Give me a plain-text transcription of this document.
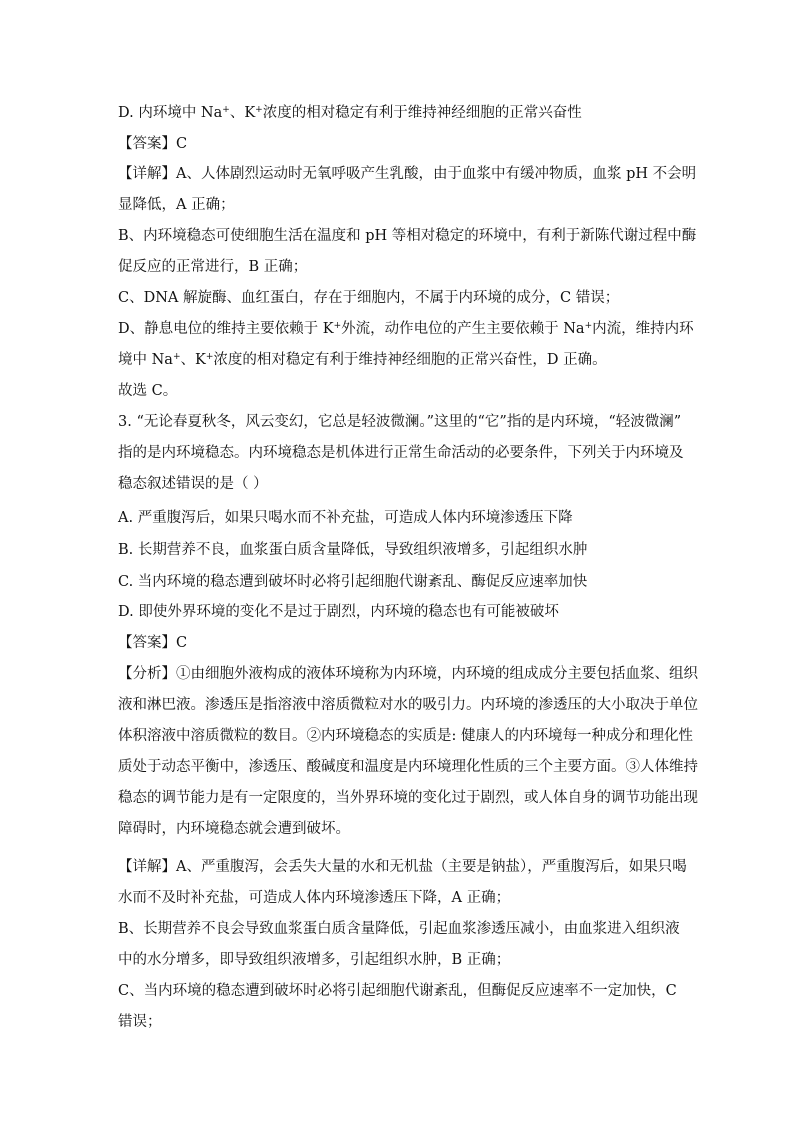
D. 内环境中 Na+、K+浓度的相对稳定有利于维持神经细胞的正常兴奋性
【答案】C
【详解】A、人体剧烈运动时无氧呼吸产生乳酸，由于血浆中有缓冲物质，血浆 pH 不会明
显降低，A 正确；
B、内环境稳态可使细胞生活在温度和 pH 等相对稳定的环境中，有利于新陈代谢过程中酶
促反应的正常进行，B 正确；
C、DNA 解旋酶、血红蛋白，存在于细胞内，不属于内环境的成分，C 错误；
D、静息电位的维持主要依赖于 K+外流，动作电位的产生主要依赖于 Na+内流，维持内环
境中 Na+、K+浓度的相对稳定有利于维持神经细胞的正常兴奋性，D 正确。
故选 C。
3. “无论春夏秋冬，风云变幻，它总是轻波微澜。”这里的“它”指的是内环境，“轻波微澜”
指的是内环境稳态。内环境稳态是机体进行正常生命活动的必要条件，下列关于内环境及
稳态叙述错误的是（ ）
A. 严重腹泻后，如果只喝水而不补充盐，可造成人体内环境渗透压下降
B. 长期营养不良，血浆蛋白质含量降低，导致组织液增多，引起组织水肿
C. 当内环境的稳态遭到破坏时必将引起细胞代谢紊乱、酶促反应速率加快
D. 即使外界环境的变化不是过于剧烈，内环境的稳态也有可能被破坏
【答案】C
【分析】①由细胞外液构成的液体环境称为内环境，内环境的组成成分主要包括血浆、组织
液和淋巴液。渗透压是指溶液中溶质微粒对水的吸引力。内环境的渗透压的大小取决于单位
体积溶液中溶质微粒的数目。②内环境稳态的实质是: 健康人的内环境每一种成分和理化性
质处于动态平衡中，渗透压、酸碱度和温度是内环境理化性质的三个主要方面。③人体维持
稳态的调节能力是有一定限度的，当外界环境的变化过于剧烈，或人体自身的调节功能出现
障碍时，内环境稳态就会遭到破坏。
【详解】A、严重腹泻，会丢失大量的水和无机盐（主要是钠盐），严重腹泻后，如果只喝
水而不及时补充盐，可造成人体内环境渗透压下降，A 正确；
B、长期营养不良会导致血浆蛋白质含量降低，引起血浆渗透压减小，由血浆进入组织液
中的水分增多，即导致组织液增多，引起组织水肿，B 正确；
C、当内环境的稳态遭到破坏时必将引起细胞代谢紊乱，但酶促反应速率不一定加快，C
错误；
